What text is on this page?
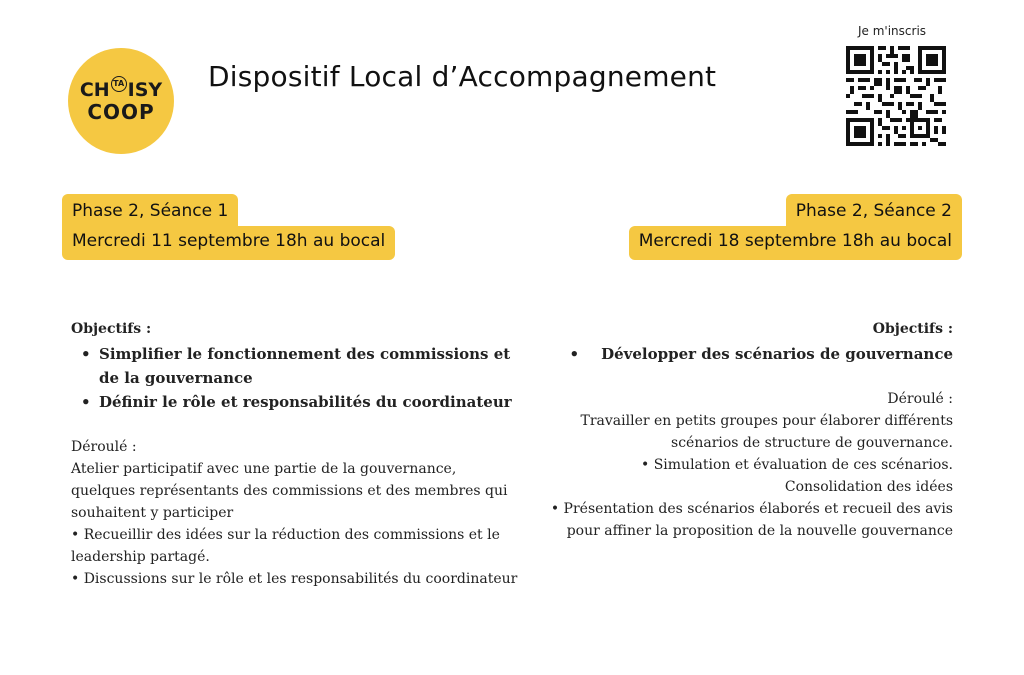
CH TA ISY
COOP
Dispositif Local d’Accompagnement
Je m'inscris
Phase 2, Séance 1
Mercredi 11 septembre 18h au bocal
Phase 2, Séance 2
Mercredi 18 septembre 18h au bocal
Objectifs :
• Simplifier le fonctionnement des commissions et de la gouvernance
• Définir le rôle et responsabilités du coordinateur

Déroulé :

Atelier participatif avec une partie de la gouvernance, quelques représentants des commissions et des membres qui souhaitent y participer

• Recueillir des idées sur la réduction des commissions et le leadership partagé.

• Discussions sur le rôle et les responsabilités du coordinateur

Objectifs :
• Développer des scénarios de gouvernance

Déroulé :

Travailler en petits groupes pour élaborer différents scénarios de structure de gouvernance.

• Simulation et évaluation de ces scénarios.

Consolidation des idées

• Présentation des scénarios élaborés et recueil des avis pour affiner la proposition de la nouvelle gouvernance
